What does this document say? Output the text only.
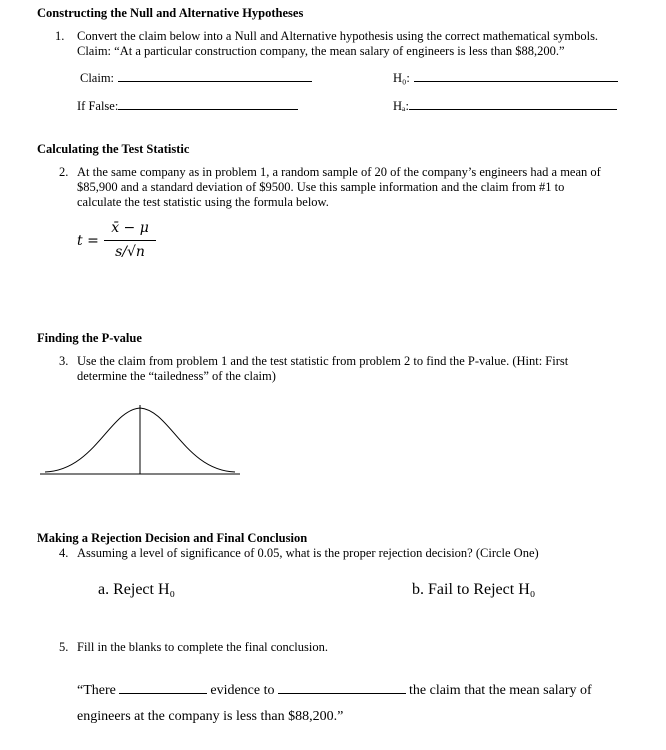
Constructing the Null and Alternative Hypotheses
1. Convert the claim below into a Null and Alternative hypothesis using the correct mathematical symbols.
Claim: “At a particular construction company, the mean salary of engineers is less than $88,200.”
Claim:	H₀:
If False:	Hₐ:
Calculating the Test Statistic
2. At the same company as in problem 1, a random sample of 20 of the company’s engineers had a mean of
$85,900 and a standard deviation of $9500. Use this sample information and the claim from #1 to
calculate the test statistic using the formula below.
t =
x̄ − μ
s/√n
Finding the P-value
3. Use the claim from problem 1 and the test statistic from problem 2 to find the P-value. (Hint: First
determine the “tailedness” of the claim)
Making a Rejection Decision and Final Conclusion
4. Assuming a level of significance of 0.05, what is the proper rejection decision? (Circle One)
a. Reject H₀	b. Fail to Reject H₀
5. Fill in the blanks to complete the final conclusion.
“There	evidence to	the claim that the mean salary of
engineers at the company is less than $88,200.”
